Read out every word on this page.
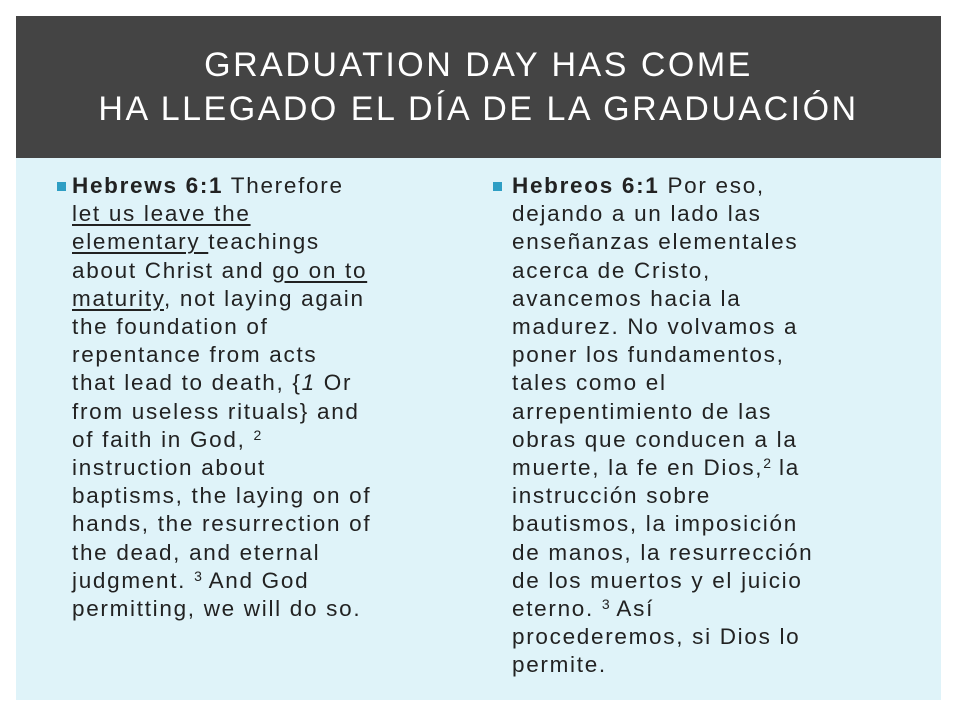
GRADUATION DAY HAS COME
HA LLEGADO EL DÍA DE LA GRADUACIÓN

Hebrews 6:1 Therefore
let us leave the
elementary teachings
about Christ and go on to
maturity, not laying again
the foundation of
repentance from acts
that lead to death, {1 Or
from useless rituals} and
of faith in God, $^2$
instruction about
baptisms, the laying on of
hands, the resurrection of
the dead, and eternal
judgment. $^3$ And God
permitting, we will do so.

Hebreos 6:1 Por eso,
dejando a un lado las
enseñanzas elementales
acerca de Cristo,
avancemos hacia la
madurez. No volvamos a
poner los fundamentos,
tales como el
arrepentimiento de las
obras que conducen a la
muerte, la fe en Dios,$^2$ la
instrucción sobre
bautismos, la imposición
de manos, la resurrección
de los muertos y el juicio
eterno. $^3$ Así
procederemos, si Dios lo
permite.
